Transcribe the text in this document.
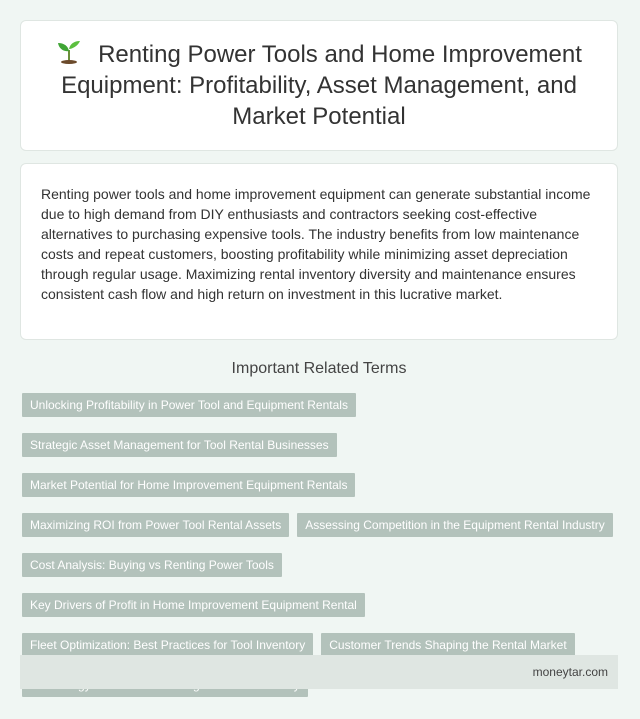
Renting Power Tools and Home Improvement Equipment: Profitability, Asset Management, and Market Potential

Renting power tools and home improvement equipment can generate substantial income due to high demand from DIY enthusiasts and contractors seeking cost-effective alternatives to purchasing expensive tools. The industry benefits from low maintenance costs and repeat customers, boosting profitability while minimizing asset depreciation through regular usage. Maximizing rental inventory diversity and maintenance ensures consistent cash flow and high return on investment in this lucrative market.

Important Related Terms
Unlocking Profitability in Power Tool and Equipment Rentals
Strategic Asset Management for Tool Rental Businesses
Market Potential for Home Improvement Equipment Rentals
Maximizing ROI from Power Tool Rental Assets	Assessing Competition in the Equipment Rental Industry
Cost Analysis: Buying vs Renting Power Tools
Key Drivers of Profit in Home Improvement Equipment Rental
Fleet Optimization: Best Practices for Tool Inventory	Customer Trends Shaping the Rental Market
moneytar.com
